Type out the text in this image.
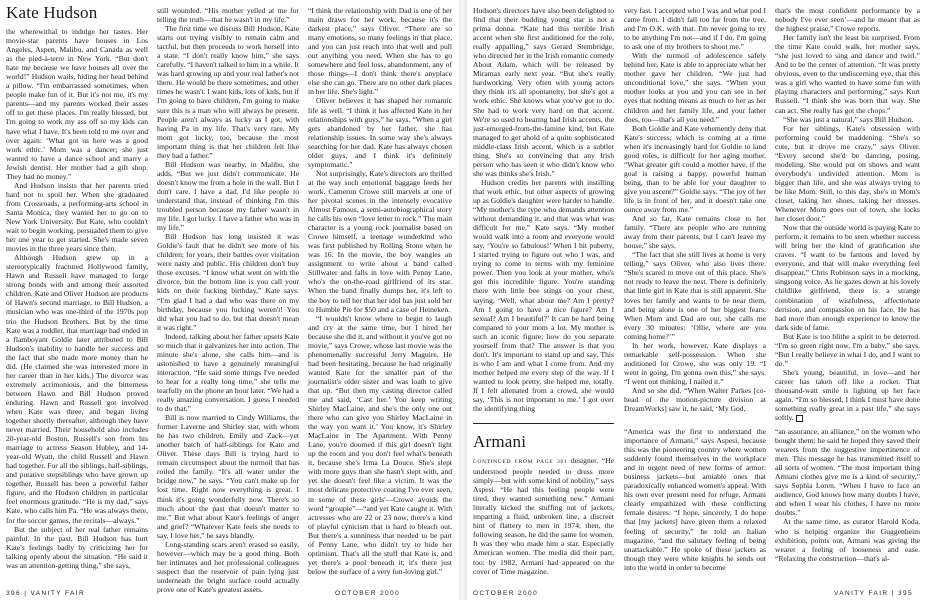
Kate Hudson

the wherewithal to indulge her tastes. Her movie-star parents have houses in Los Angeles, Aspen, Malibu, and Canada as well as the pied-à-terre in New York. “But don't hate me because we have houses all over the world!” Hudson wails, hiding her head behind a pillow. “I'm embarrassed sometimes, when people make fun of it. But it's not me, it's my parents—and my parents worked their asses off to get these places. I'm really blessed, but I'm going to work my ass off so my kids can have what I have. It's been told to me over and over again: ‘What got us here was a good work ethic.’ Mom was a dancer; she just wanted to have a dance school and marry a Jewish dentist. Her mother had a gift shop. They had no money.”

And Hudson insists that her parents tried hard not to spoil her. When she graduated from Crossroads, a performing-arts school in Santa Monica, they wanted her to go on to New York University. But Kate, who couldn't wait to begin working, persuaded them to give her one year to get started. She's made seven movies in the three years since then.

Although Hudson grew up in a stereotypically fractured Hollywood family, Hawn and Russell have managed to forge strong bonds with and among their assorted children. Kate and Oliver Hudson are products of Hawn's second marriage, to Bill Hudson, a musician who was one-third of the 1970s pop trio the Hudson Brothers. But by the time Kate was a toddler, that marriage had ended in a flamboyant Goldie later attributed to Bill Hudson's inability to handle her success and the fact that she made more money than he did. (He claimed she was interested more in her career than in her kids.) The divorce was extremely acrimonious, and the bitterness between Hawn and Bill Hudson proved enduring. Hawn and Russell got involved when Kate was three, and began living together shortly thereafter, although they have never married. Their household also includes 20-year-old Boston, Russell's son from his marriage to actress Season Hubley, and 14-year-old Wyatt, the child Russell and Hawn had together. For all the siblings, half-siblings, and putative stepsiblings who have grown up together, Russell has been a powerful father figure, and the Hudson children in particular feel enormous gratitude. “He is my dad,” says Kate, who calls him Pa. “He was always there, for the soccer games, the recitals—always.”

But the subject of her real father remains painful. In the past, Bill Hudson has hurt Kate's feelings badly by criticizing her for talking openly about the situation. “He said it was an attention-getting thing,” she says,

still wounded. “His mother yelled at me for telling the truth—that he wasn't in my life.”

The first time we discuss Bill Hudson, Kate starts out trying visibly to remain calm and tactful, but then proceeds to work herself into a state. “I don't really know him,” she says carefully. “I haven't talked to him in a while. It was hard growing up and your real father's not there. He would be there sometimes, and other times he wasn't. I want kids, lots of kids, but if I'm going to have children, I'm going to make sure this is a man who will always be present. People aren't always as lucky as I got, with having Pa in my life. That's very rare. My mom got lucky, too, because the most important thing is that her children felt like they had a father.”

Bill Hudson was nearby, in Malibu, she adds. “But we just didn't communicate. He doesn't know me from a hole in the wall. But I don't care. I have a dad. I'd like people to understand that, instead of thinking I'm this troubled person because my father wasn't in my life. I got lucky. I have a father who was in my life.”

Bill Hudson has long insisted it was Goldie's fault that he didn't see more of his children; for years, their battles over visitation were nasty and public. His children don't buy those excuses. “I know what went on with the divorce, but the bottom line is you call your kids on their fucking birthday,” Kate says. “I'm glad I had a dad who was there on my birthday, because you fucking weren't! You did what you had to do, but that doesn't mean it was right.”

Indeed, talking about her father upsets Kate so much that it galvanizes her into action. The minute she's alone, she calls him—and is astonished to have a genuinely meaningful interaction. “He said some things I've needed to hear for a really long time,” she tells me tearfully on the phone an hour later. “We had a really amazing conversation. I guess I needed to do that.”

Bill is now married to Cindy Williams, the former Laverne and Shirley star, with whom he has two children, Emily and Zack—yet another batch of half-siblings for Kate and Oliver. These days Bill is trying hard to remain circumspect about the turmoil that has roiled the family. “It's all water under the bridge now,” he says. “You can't make up for lost time. Right now everything is great. I think it's going wonderfully now. There's so much about the past that doesn't matter to me.” But what about Kate's feelings of anger and grief? “Whatever Kate feels she needs to say, I love her,” he says blandly.

Long-standing scars aren't erased so easily, however—which may be a good thing. Both her intimates and her professional colleagues suspect that the reservoir of pain lying just underneath the bright surface could actually prove one of Kate's greatest assets.

“I think the relationship with Dad is one of her main draws for her work, because it's the darkest place,” says Oliver. “There are so many emotions, so many feelings in that place, and you can just reach into that well and pull out anything you need. When she has to go somewhere and feel loss, abandonment, any of those things—I don't think there's anyplace else she can go. There are no other dark places in her life. She's light.”

Oliver believes it has shaped her romantic life as well. “I think it has affected Kate in her relationships with guys,” he says. “When a girl gets abandoned by her father, she has relationship issues. In some way she's always searching for her dad. Kate has always chosen older guys, and I think it's definitely symptomatic.”

Not surprisingly, Kate's directors are thrilled at the way such emotional baggage feeds her work. Cameron Crowe still marvels at one of her pivotal scenes in the intensely evocative Almost Famous, a semi-autobiographical story he calls his own “love letter to rock.” The main character is a young rock journalist based on Crowe himself, a teenage wunderkind who was first published by Rolling Stone when he was 16. In the movie, the boy wangles an assignment to write about a band called Stillwater and falls in love with Penny Lane, who's the on-the-road girlfriend of its star. When the band finally dumps her, it's left to the boy to tell her that her idol has just sold her to Humble Pie for $50 and a case of Heineken.

“I wouldn't know where to begin to laugh and cry at the same time, but I hired her because she did it, and without it you've got no movie,” says Crowe, whose last movie was the phenomenally successful Jerry Maguire. He had been hesitating, because he had originally wanted Kate for the smaller part of the journalist's older sister and was loath to give that up. “But then my casting director called me and said, ‘Cast her.’ You keep writing Shirley MacLaine, and she's the only one out there who can give you Shirley MacLaine in the way you want it.’ You know, it's Shirley MacLaine in The Apartment. With Penny Lane, you're doomed if this girl doesn't light up the room and you don't feel what's beneath it, because she's Irma La Douce. She's slept with more guys than she hasn't slept with, and yet she doesn't feel like a victim. It was the most delicate protective coating I've ever seen, in some of these girls'—Crowe avoids the word “groupie”—“and yet Kate caught it. With actresses who are 22 or 23 now, there's a kind of playful cynicism that is hard to bleach out. But there's a sunniness that needed to be part of Penny Lane, who didn't try to hide her optimism. That's all the stuff that Kate is, and yet there's a pool beneath it; it's there just below the surface of a very fun-loving girl.”

396 | VANITY FAIR	OCTOBER 2000

Hudson's directors have also been delighted to find that their budding young star is not a prima donna. “Kate had this terrible Irish accent when she first auditioned for the role, really appalling,” says Gerard Stembridge, who directed her in the Irish romantic comedy About Adam, which will be released by Miramax early next year. “But she's really hardworking. Very often with young actors they think it's all spontaneity, but she's got a work ethic. She knows what you've got to do. She had to work very hard on that accent. We're so used to hearing bad Irish accents, the just-emerged-from-the-famine kind, but Kate managed to get ahold of a quite sophisticated middle-class Irish accent, which is a subtler thing. She's so convincing that any Irish person who has seen it who didn't know who she was thinks she's Irish.”

Hudson credits her parents with instilling that work ethic, but other aspects of growing up as Goldie's daughter were harder to handle. “My mother's the type who demands attention without demanding it, and that was what was difficult for me,” Kate says. “My mother would walk into a room and everyone would say, ‘You're so fabulous!’ When I hit puberty, I started trying to figure out who I was, and trying to come to terms with my feminine power. Then you look at your mother, who's got this incredible figure. You're standing there with little bee stings on your chest, saying, ‘Well, what about me? Am I pretty? Am I going to have a nice figure? Am I sexual? Am I beautiful?’ It can be hard being compared to your mom a lot. My mother is such an iconic figure; how do you separate yourself from that? The answer is that you don't. It's important to stand up and say, This is who I am and what I come from. And my mother helped me every step of the way. If I wanted to look pretty, she helped me, totally. If I felt alienated from a crowd, she would say, ‘This is not important to me.’ I got over the identifying thing

very fast. I accepted who I was and what pod I came from. I didn't fall too far from the tree, and I'm O.K. with that. I'm never going to try to be anything I'm not—and if I do, I'm going to ask one of my brothers to shoot me.”

With the turmoil of adolescence safely behind her, Kate is able to appreciate what her mother gave her children. “We just had unconditional love,” she says. “When your mother looks at you and you can see in her eyes that nothing means as much to her as her children and her family life, and your father does, too—that's all you need.”

Both Goldie and Kate vehemently deny that Kate's success, which is coming at a time when it's increasingly hard for Goldie to land good roles, is difficult for her aging mother. “What greater gift could a mother have, if the goal is raising a happy, powerful human being, than to be able for your daughter to give you ascent?” Goldie says. “The joy of her life is in front of her, and it doesn't take one ounce away from me.”

And so far, Kate remains close to her family. “There are people who are running away from their parents, but I can't leave my house,” she says.

“The fact that she still lives at home is very telling,” says Oliver, who also lives there. “She's scared to move out of this place. She's not ready to leave the nest. There is definitely that little girl in Kate that is still apparent. She loves her family and wants to be near them, and being alone is one of her biggest fears. When Mom and Dad are out, she calls me every 30 minutes: ‘Ollie, where are you coming home?’”

In her work, however, Kate displays a remarkable self-possession. When she auditioned for Crowe, she was only 19. “I went in going, I'm gonna own this,” she says. “I went out thinking, I nailed it.”

And so she did. “When Walter Parkes [co-head of the motion-picture division at DreamWorks] saw it, he said, ‘My God,

that's the most confident performance by a nobody I've ever seen’—and he meant that as the highest praise,” Crowe reports.

Her family isn't the least bit surprised. From the time Kate could walk, her mother says, “she just loved to sing and dance and twirl.” And to be the center of attention. “It was pretty obvious, even to the undiscerning eye, that this was a girl who wanted to have some fun with playing characters and performing,” says Kurt Russell. “I think she was born that way. She can act. She really has got the chops.”

“She was just a natural,” says Bill Hudson.

For her siblings, Kate's obsession with performing could be maddening. “She's so cute, but it drove me crazy,” says Oliver. “Every second she'd be dancing, posing, modeling. She would put on shows and want everybody's undivided attention. Mom is bigger than life, and she was always trying to be like Mom. Still, to this day, she's in Mom's closet, taking her shoes, taking her dresses. Whenever Mom goes out of town, she locks her closet door.”

Now that the outside world is paying Kate to perform, it remains to be seen whether success will bring her the kind of gratification she craves. “I want to be famous and loved by everyone, and that will make everything feel disappear,” Chris Robinson says in a mocking, singsong voice. As he gazes down at his lovely childlike girlfriend, there is a strange combination of wistfulness, affectionate derision, and compassion on his face. He has had more than enough experience to know the dark side of fame.

But Kate is too blithe a spirit to be deterred. “I'm so green right now, I'm a baby,” she says. “But I really believe in what I do, and I want to do.”

She's young, beautiful, in love—and her career has taken off like a rocket. That thousand-watt smile is lighting up her face again. “I'm so blessed, I think I must have done something really great in a past life,” she says softly.

Armani

CONTINUED FROM PAGE 361 designer. “He understood people needed to dress more simply—but with some kind of nobility,” says Aspesi. “He had this feeling people were tired, they wanted something new.” Armani literally kicked the stuffing out of jackets, imparting a fluid, unbroken line, a discreet hint of flattery to men in 1974; then, the following season, he did the same for women. It was they who made him a star. Especially American women. The media did their part, too: by 1982, Armani had appeared on the cover of Time magazine.

“America was the first to understand the importance of Armani,” says Aspesi, because this was the pioneering country where women suddenly found themselves in the workplace and in urgent need of new forms of armor: business jackets—but amiable ones that paradoxically enhanced women's appeal. With his own ever present need for refuge, Armani clearly empathized with these conflicting female desires: “I hope, sincerely, I do hope that [my jackets] have given them a relaxed feeling of security,” he told an Italian magazine, “and the salutary feeling of being unattackable.” He spoke of these jackets as though they were white knights he sends out into the world in order to become

“an assurance, an alliance,” on the women who bought them; he said he hoped they saved their wearers from the suggestive impertinence of men. This message he has transmitted itself to all sorts of women. “The most important thing Armani clothes give me is a kind of security,” says Sophia Loren. “When I have to face an audience, God knows how many doubts I have, and when I wear his clothes, I have no more doubts.”

At the same time, as curator Harold Koda, who is helping organize the Guggenheim exhibition, points out, Armani was giving the wearer a feeling of looseness and ease. “Relaxing the construction—that's al-

OCTOBER 2000	VANITY FAIR | 395
